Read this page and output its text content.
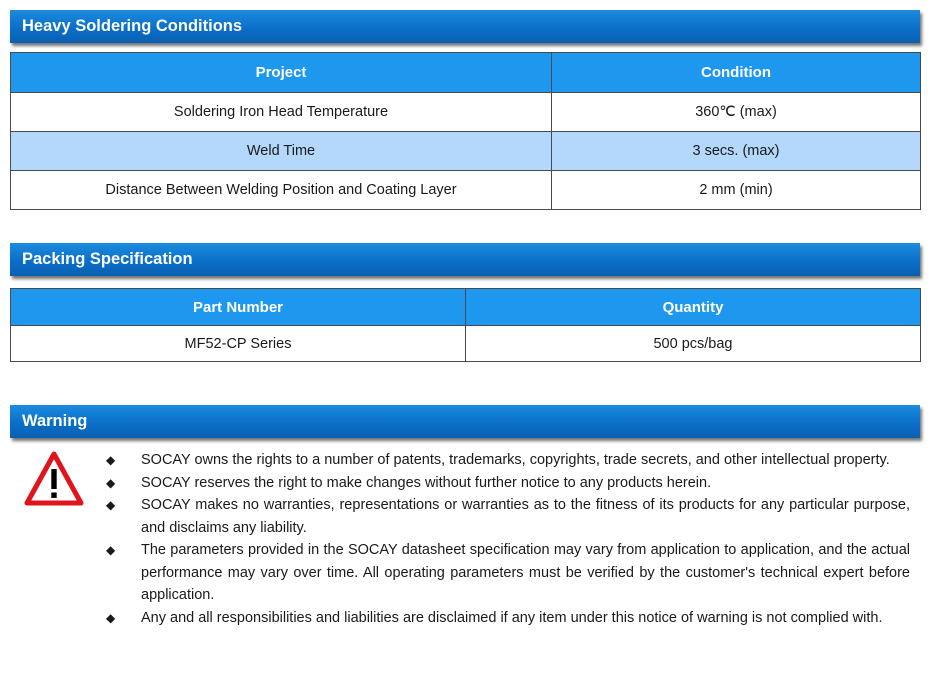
Heavy Soldering Conditions
Project	Condition
Soldering Iron Head Temperature	360℃ (max)
Weld Time	3 secs. (max)
Distance Between Welding Position and Coating Layer	2 mm (min)
Packing Specification
Part Number	Quantity
MF52-CP Series	500 pcs/bag
Warning
◆ SOCAY owns the rights to a number of patents, trademarks, copyrights, trade secrets, and other intellectual property.
◆ SOCAY reserves the right to make changes without further notice to any products herein.
◆ SOCAY makes no warranties, representations or warranties as to the fitness of its products for any particular purpose, and disclaims any liability.
◆ The parameters provided in the SOCAY datasheet specification may vary from application to application, and the actual performance may vary over time. All operating parameters must be verified by the customer's technical expert before application.
◆ Any and all responsibilities and liabilities are disclaimed if any item under this notice of warning is not complied with.
